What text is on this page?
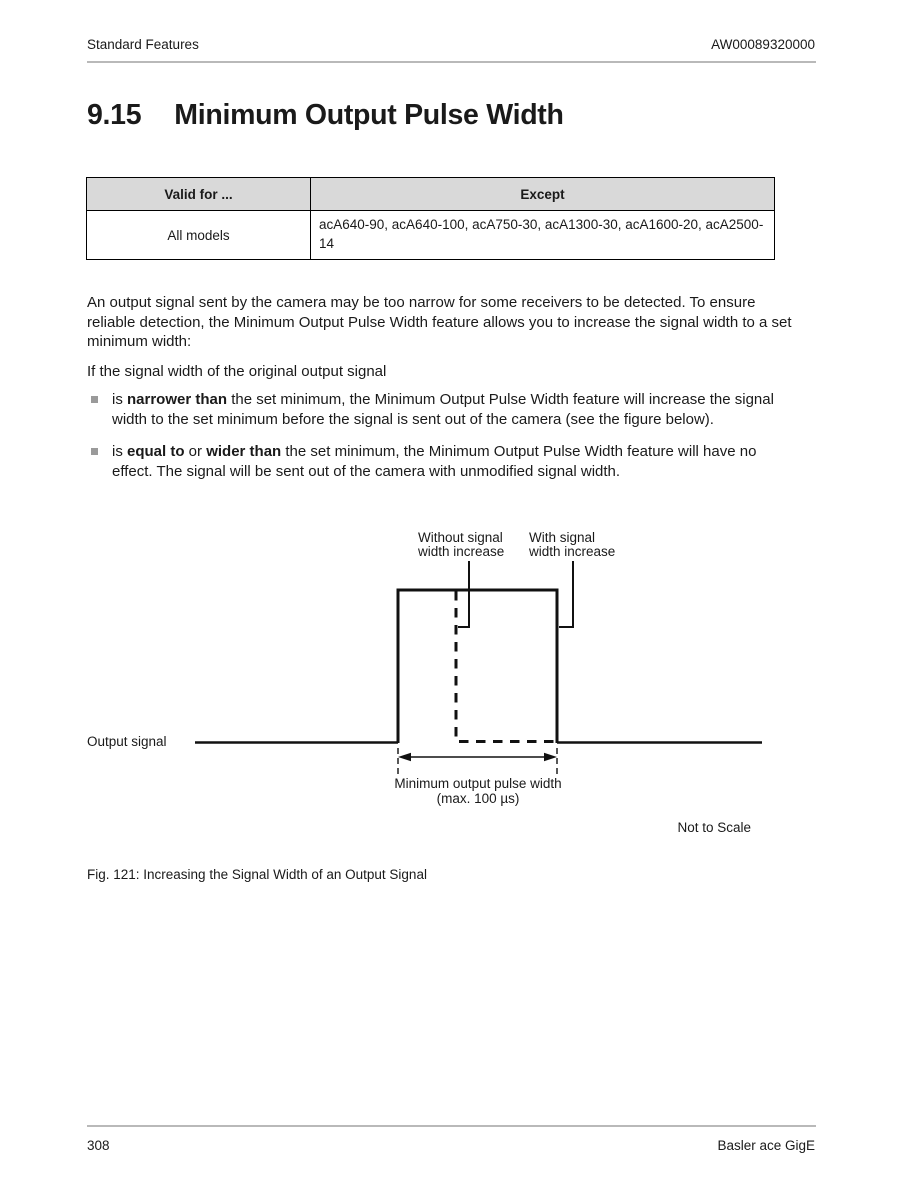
Standard Features	AW00089320000
9.15 Minimum Output Pulse Width
Valid for ...	Except
All models	acA640-90, acA640-100, acA750-30, acA1300-30, acA1600-20, acA2500-14
An output signal sent by the camera may be too narrow for some receivers to be detected. To ensure reliable detection, the Minimum Output Pulse Width feature allows you to increase the signal width to a set minimum width:
If the signal width of the original output signal
is narrower than the set minimum, the Minimum Output Pulse Width feature will increase the signal width to the set minimum before the signal is sent out of the camera (see the figure below).
is equal to or wider than the set minimum, the Minimum Output Pulse Width feature will have no effect. The signal will be sent out of the camera with unmodified signal width.
Without signal
width increase
With signal
width increase
Output signal
Minimum output pulse width
(max. 100 µs)
Not to Scale
Fig. 121: Increasing the Signal Width of an Output Signal
308	Basler ace GigE
